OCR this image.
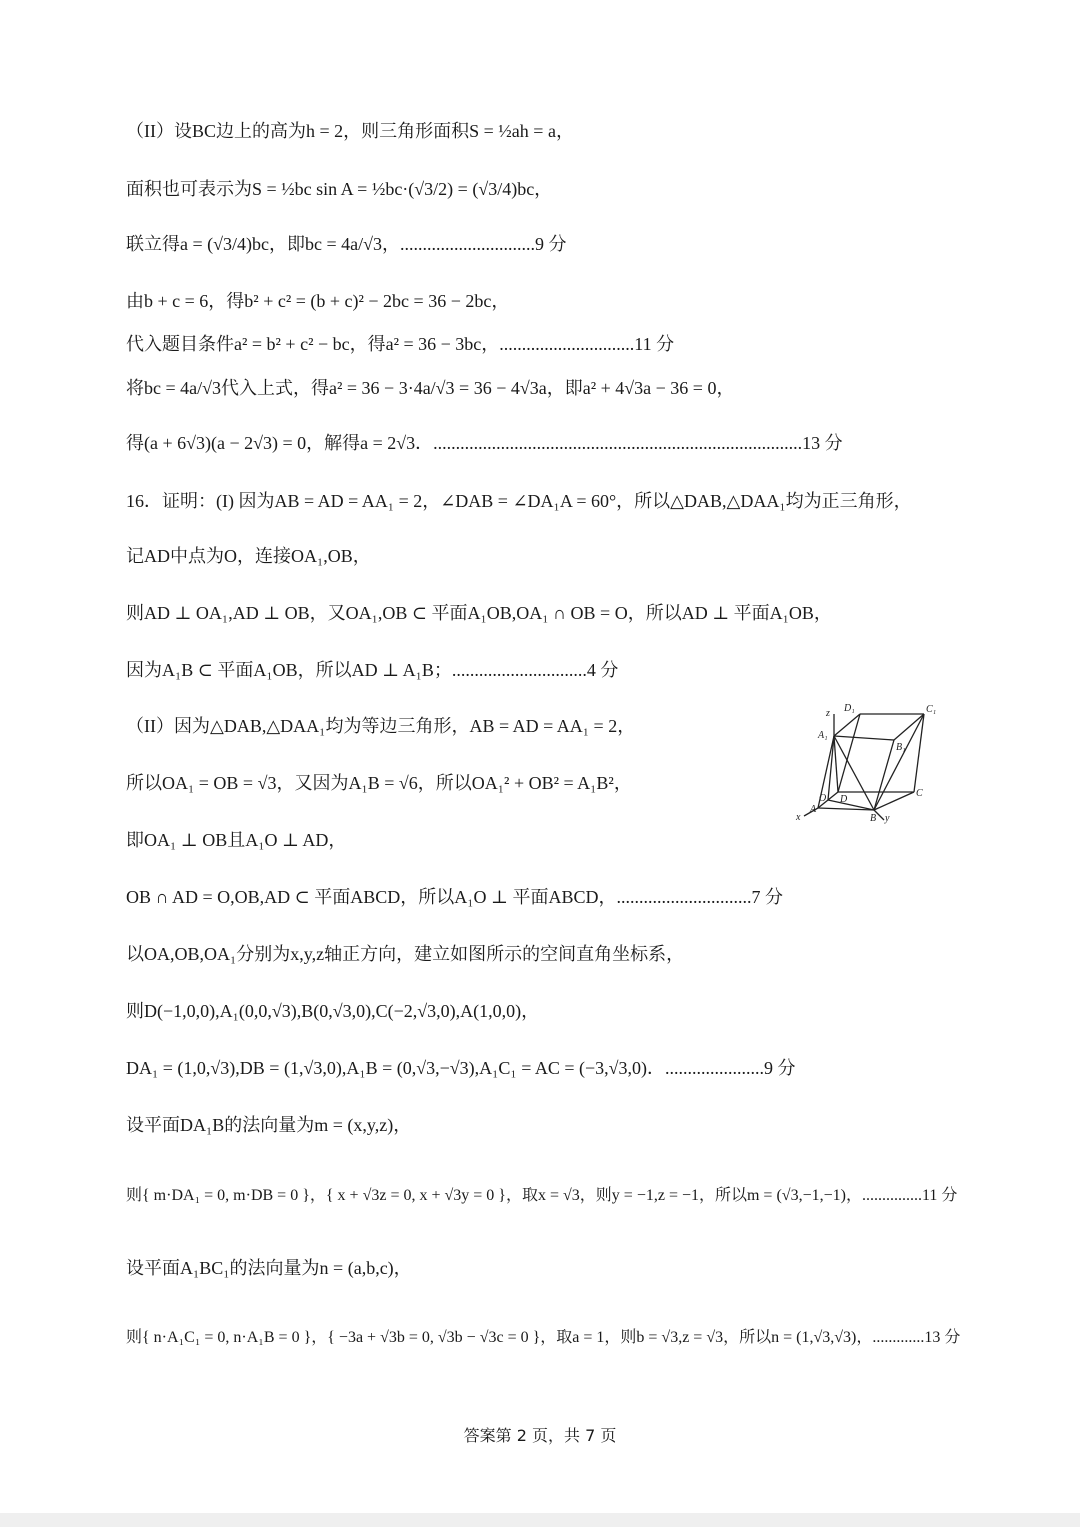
（II）设BC边上的高为h = 2，则三角形面积S = ½ah = a，
面积也可表示为S = ½bc sin A = ½bc·(√3/2) = (√3/4)bc，
联立得a = (√3/4)bc，即bc = 4a/√3，..............................9 分
由b + c = 6，得b² + c² = (b + c)² − 2bc = 36 − 2bc，
代入题目条件a² = b² + c² − bc，得a² = 36 − 3bc，..............................11 分
将bc = 4a/√3代入上式，得a² = 36 − 3·4a/√3 = 36 − 4√3a，即a² + 4√3a − 36 = 0，
得(a + 6√3)(a − 2√3) = 0，解得a = 2√3．..................................................................................13 分
16．证明：(I) 因为AB = AD = AA₁ = 2，∠DAB = ∠DA₁A = 60°，所以△DAB,△DAA₁均为正三角形，
记AD中点为O，连接OA₁,OB，
则AD ⊥ OA₁,AD ⊥ OB，又OA₁,OB ⊂ 平面A₁OB,OA₁ ∩ OB = O，所以AD ⊥ 平面A₁OB，
因为A₁B ⊂ 平面A₁OB，所以AD ⊥ A₁B；..............................4 分
（II）因为△DAB,△DAA₁均为等边三角形，AB = AD = AA₁ = 2，
所以OA₁ = OB = √3，又因为A₁B = √6，所以OA₁² + OB² = A₁B²，
即OA₁ ⊥ OB且A₁O ⊥ AD，
OB ∩ AD = O,OB,AD ⊂ 平面ABCD，所以A₁O ⊥ 平面ABCD，..............................7 分
以OA,OB,OA₁分别为x,y,z轴正方向，建立如图所示的空间直角坐标系，
则D(−1,0,0),A₁(0,0,√3),B(0,√3,0),C(−2,√3,0),A(1,0,0)，
DA₁ = (1,0,√3),DB = (1,√3,0),A₁B = (0,√3,−√3),A₁C₁ = AC = (−3,√3,0)．......................9 分
设平面DA₁B的法向量为m = (x,y,z)，
则{ m·DA₁ = 0, m·DB = 0 }，{ x + √3z = 0, x + √3y = 0 }，取x = √3，则y = −1,z = −1，所以m = (√3,−1,−1)，...............11 分
设平面A₁BC₁的法向量为n = (a,b,c)，
则{ n·A₁C₁ = 0, n·A₁B = 0 }，{ −3a + √3b = 0, √3b − √3c = 0 }，取a = 1，则b = √3,z = √3，所以n = (1,√3,√3)，.............13 分
D₁	C₁
A₁
B₁
O D
C
A
B
x	y
z
答案第 2 页，共 7 页
